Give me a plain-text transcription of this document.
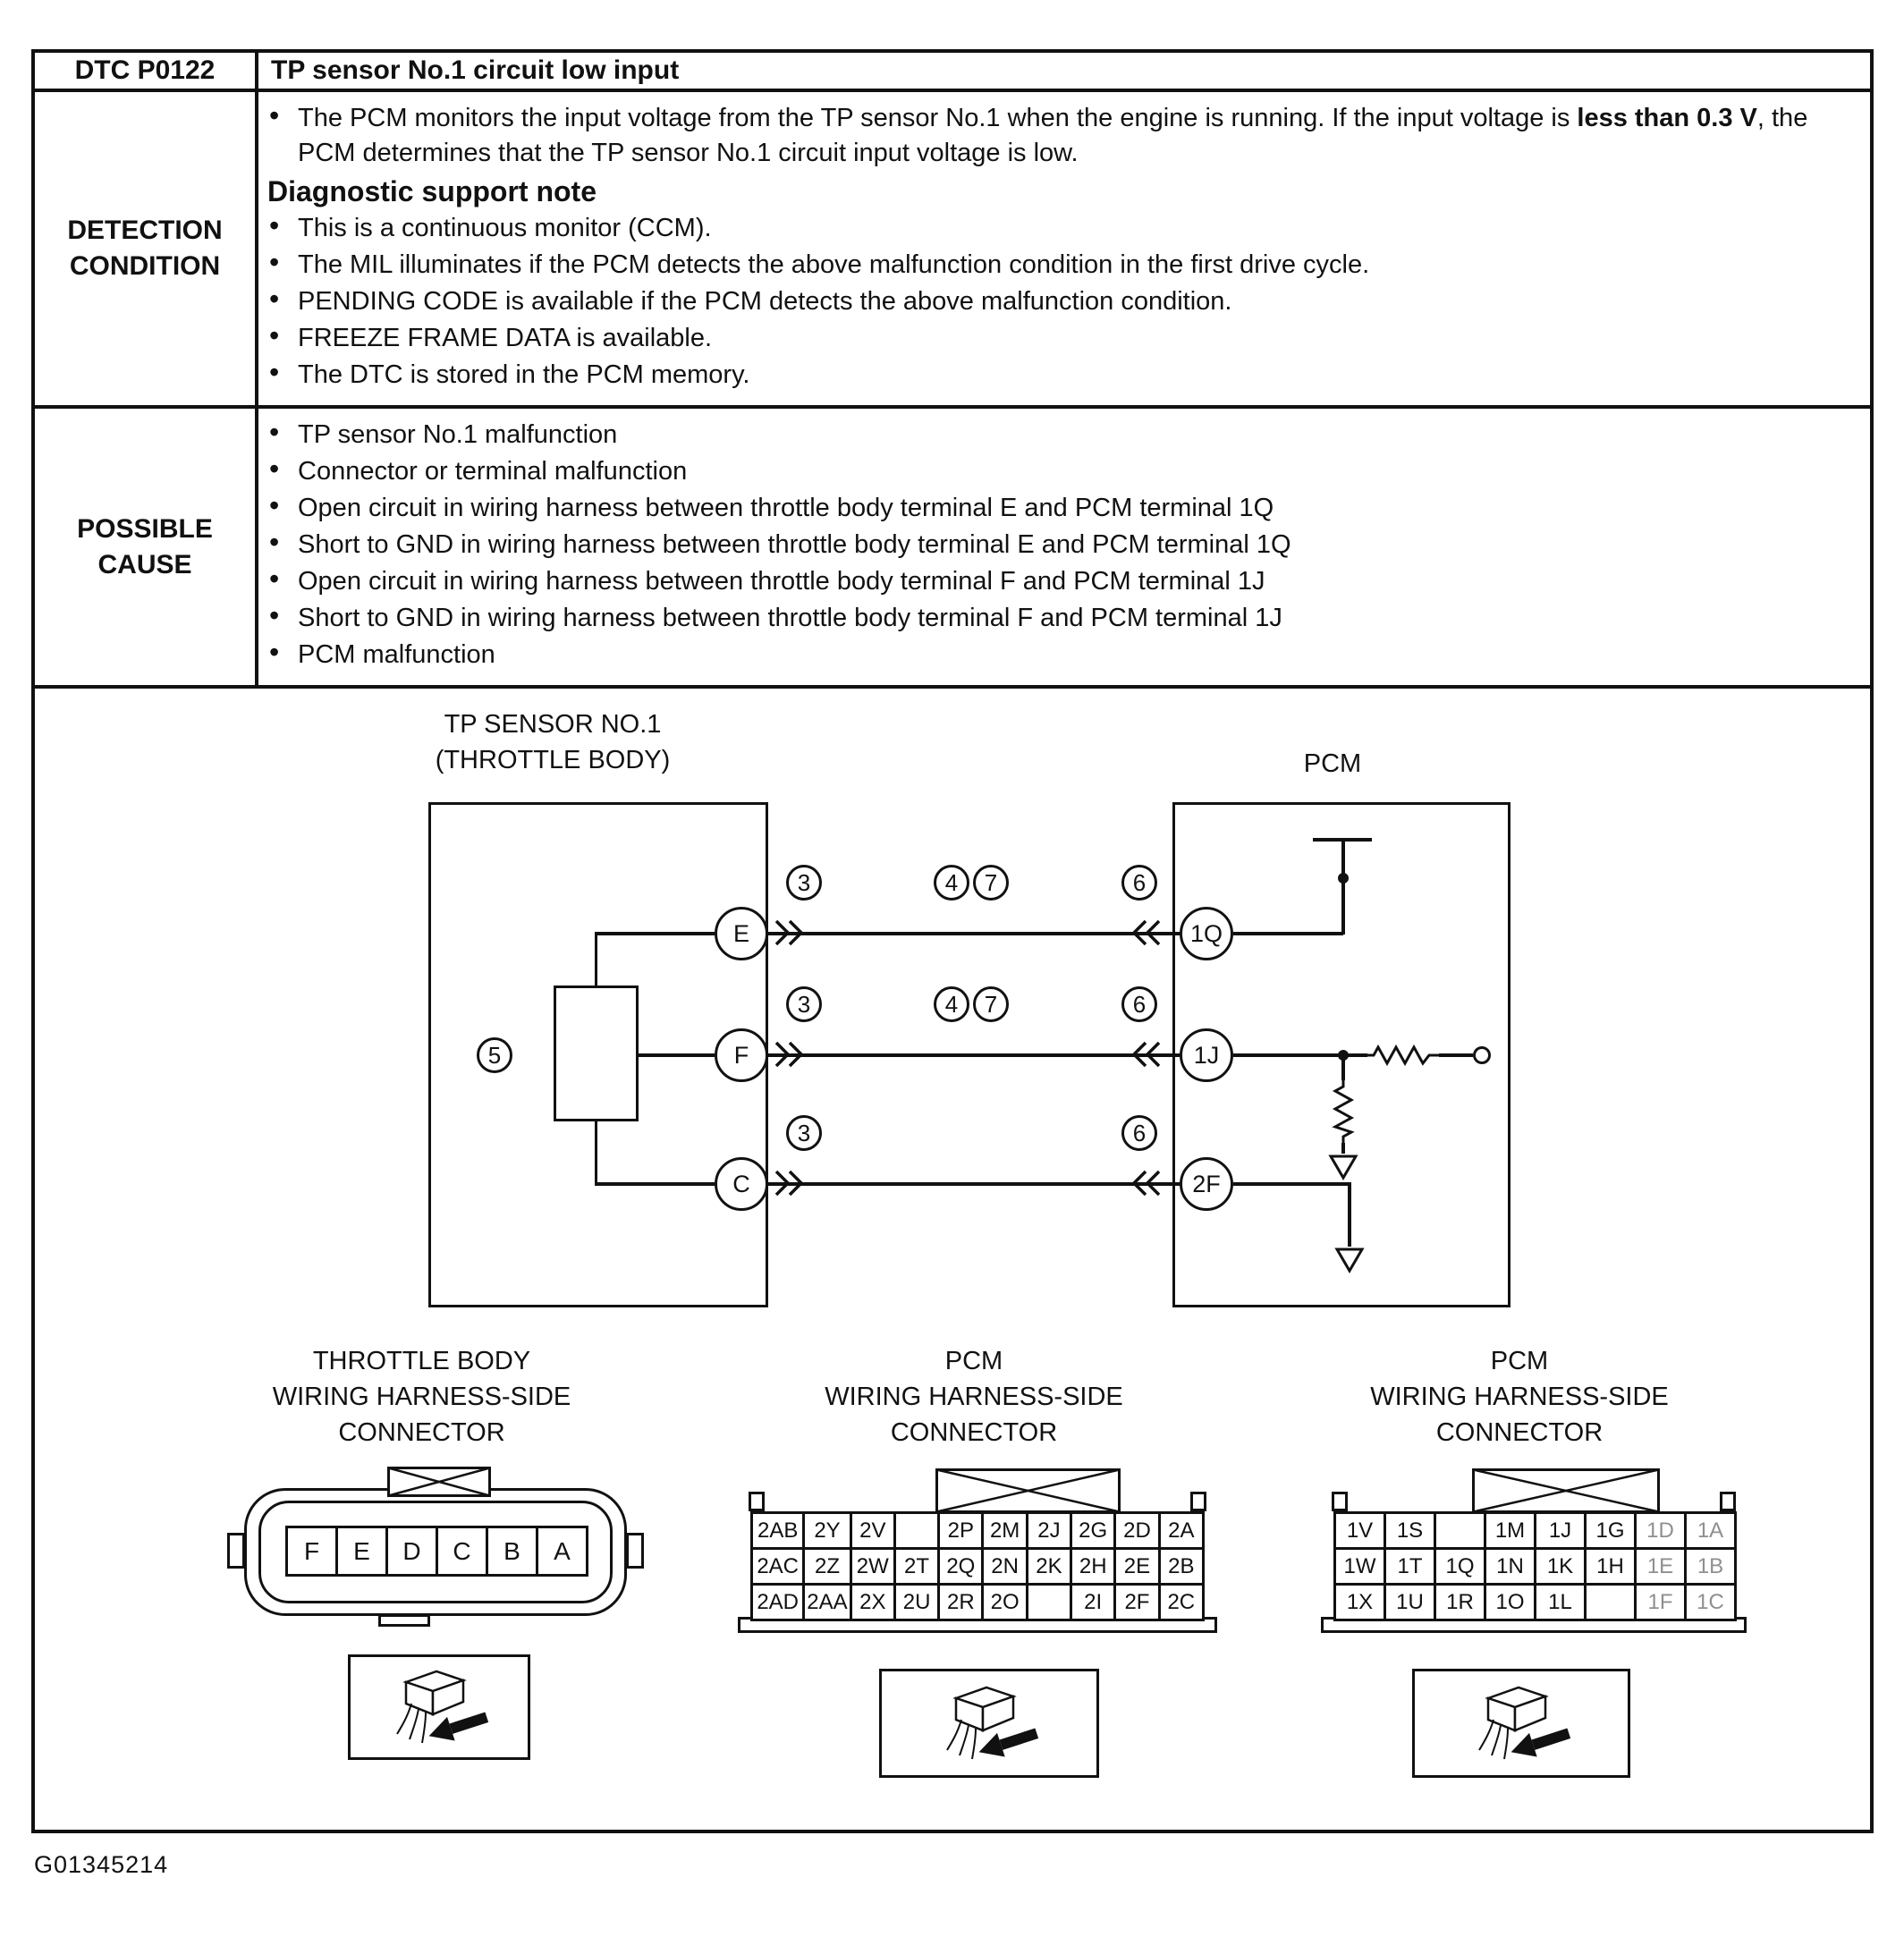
DTC P0122	TP sensor No.1 circuit low input

DETECTION
CONDITION

• The PCM monitors the input voltage from the TP sensor No.1 when the engine is running. If the input voltage is less than 0.3 V, the PCM determines that the TP sensor No.1 circuit input voltage is low.
Diagnostic support note
• This is a continuous monitor (CCM).
• The MIL illuminates if the PCM detects the above malfunction condition in the first drive cycle.
• PENDING CODE is available if the PCM detects the above malfunction condition.
• FREEZE FRAME DATA is available.
• The DTC is stored in the PCM memory.

POSSIBLE
CAUSE

• TP sensor No.1 malfunction
• Connector or terminal malfunction
• Open circuit in wiring harness between throttle body terminal E and PCM terminal 1Q
• Short to GND in wiring harness between throttle body terminal E and PCM terminal 1Q
• Open circuit in wiring harness between throttle body terminal F and PCM terminal 1J
• Short to GND in wiring harness between throttle body terminal F and PCM terminal 1J
• PCM malfunction

TP SENSOR NO.1
(THROTTLE BODY)	PCM
5
3	4	7	6
3	4	7	6
3	6
E
F
C
1Q
1J
2F
THROTTLE BODY
WIRING HARNESS-SIDE
CONNECTOR
PCM
WIRING HARNESS-SIDE
CONNECTOR
PCM
WIRING HARNESS-SIDE
CONNECTOR
F	E	D	C	B	A
2AB	2Y	2V		2P	2M	2J	2G	2D	2A
2AC	2Z	2W	2T	2Q	2N	2K	2H	2E	2B
2AD	2AA	2X	2U	2R	2O		2I	2F	2C
1V	1S		1M	1J	1G	1D	1A
1W	1T	1Q	1N	1K	1H	1E	1B
1X	1U	1R	1O	1L		1F	1C
G01345214
